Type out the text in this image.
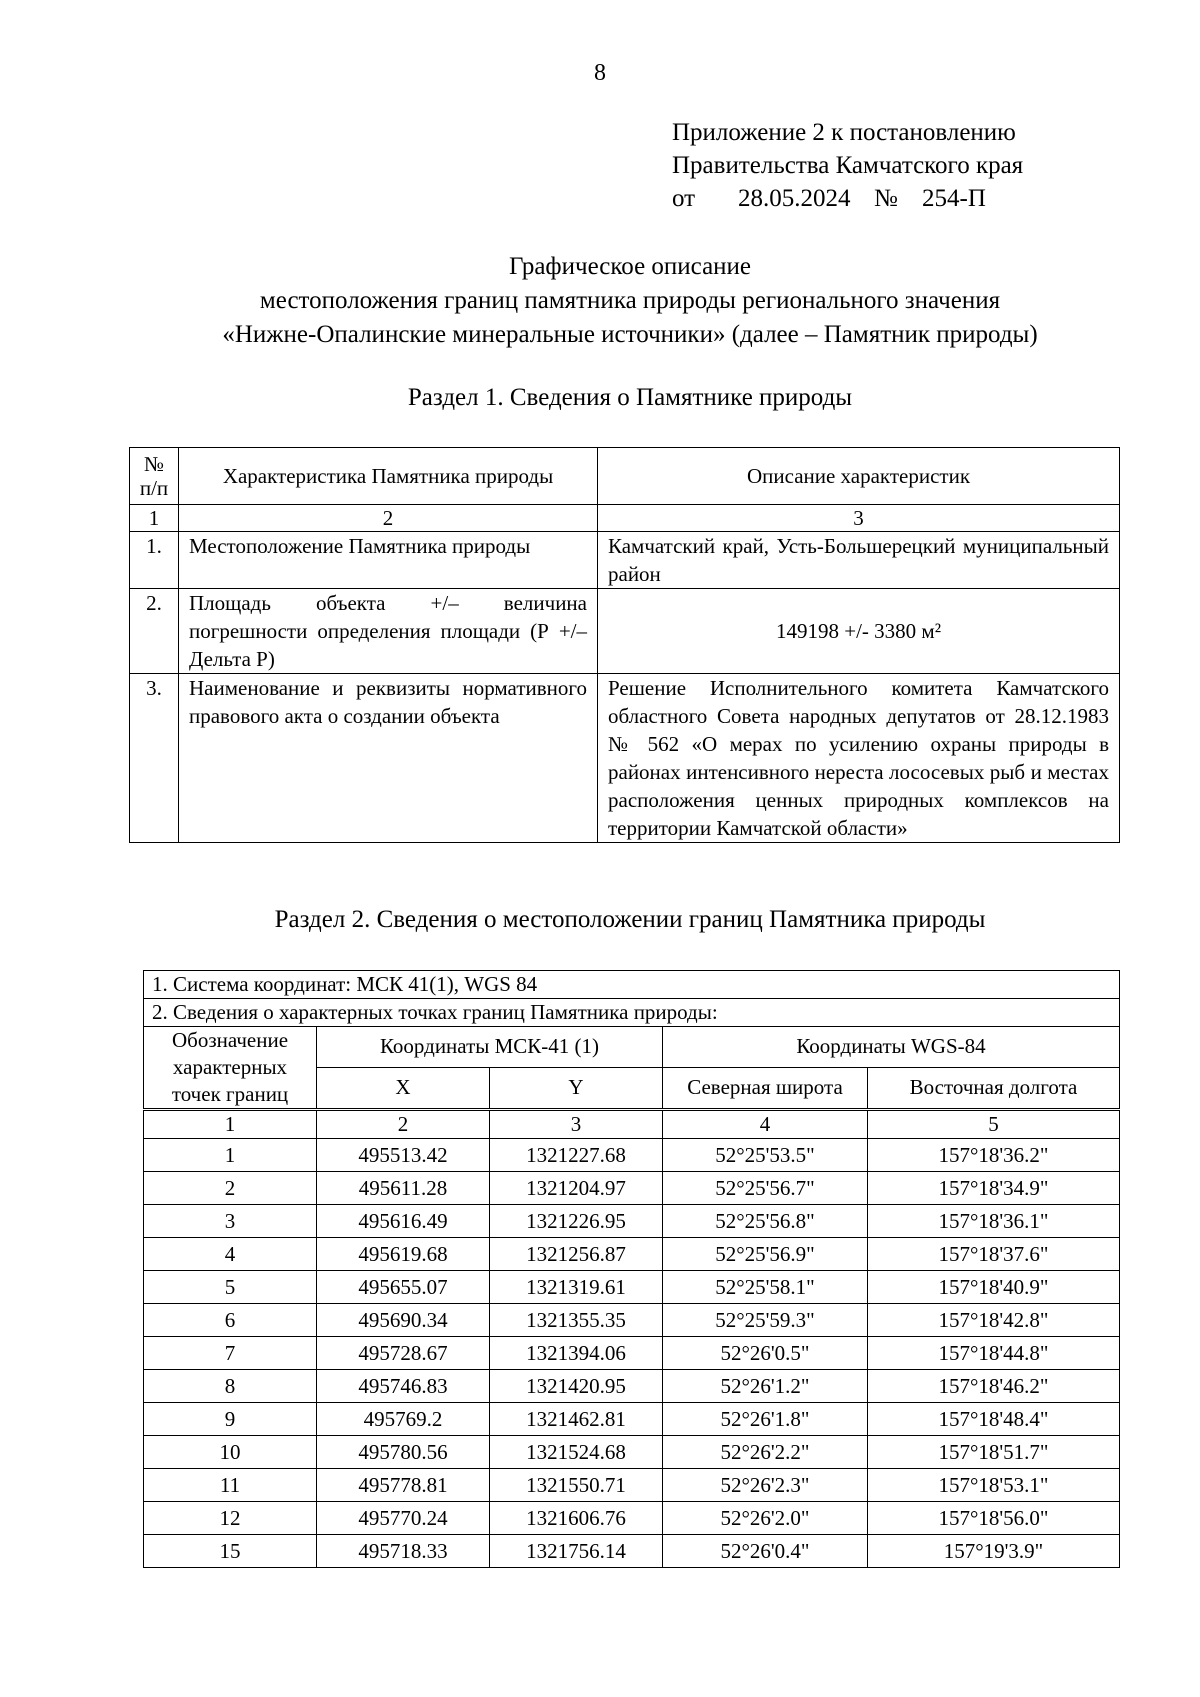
8
Приложение 2 к постановлению
Правительства Камчатского края
от 28.05.2024 № 254-П
Графическое описание
местоположения границ памятника природы регионального значения
«Нижне-Опалинские минеральные источники» (далее – Памятник природы)
Раздел 1. Сведения о Памятнике природы
№ п/п	Характеристика Памятника природы	Описание характеристик
1	2	3
1.	Местоположение Памятника природы	Камчатский край, Усть-Большерецкий муниципальный район
2.	Площадь объекта +/– величина погрешности определения площади (Р +/– Дельта Р)	149198 +/- 3380 м²
3.	Наименование и реквизиты нормативного правового акта о создании объекта	Решение Исполнительного комитета Камчатского областного Совета народных депутатов от 28.12.1983 № 562 «О мерах по усилению охраны природы в районах интенсивного нереста лососевых рыб и местах расположения ценных природных комплексов на территории Камчатской области»
Раздел 2. Сведения о местоположении границ Памятника природы
1. Система координат: МСК 41(1), WGS 84				
2. Сведения о характерных точках границ Памятника природы:				
Обозначение характерных точек границ	Координаты МСК-41 (1)		Координаты WGS-84	
	X	Y	Северная широта	Восточная долгота
1	2	3	4	5
1	495513.42	1321227.68	52°25'53.5"	157°18'36.2"
2	495611.28	1321204.97	52°25'56.7"	157°18'34.9"
3	495616.49	1321226.95	52°25'56.8"	157°18'36.1"
4	495619.68	1321256.87	52°25'56.9"	157°18'37.6"
5	495655.07	1321319.61	52°25'58.1"	157°18'40.9"
6	495690.34	1321355.35	52°25'59.3"	157°18'42.8"
7	495728.67	1321394.06	52°26'0.5"	157°18'44.8"
8	495746.83	1321420.95	52°26'1.2"	157°18'46.2"
9	495769.2	1321462.81	52°26'1.8"	157°18'48.4"
10	495780.56	1321524.68	52°26'2.2"	157°18'51.7"
11	495778.81	1321550.71	52°26'2.3"	157°18'53.1"
12	495770.24	1321606.76	52°26'2.0"	157°18'56.0"
15	495718.33	1321756.14	52°26'0.4"	157°19'3.9"
